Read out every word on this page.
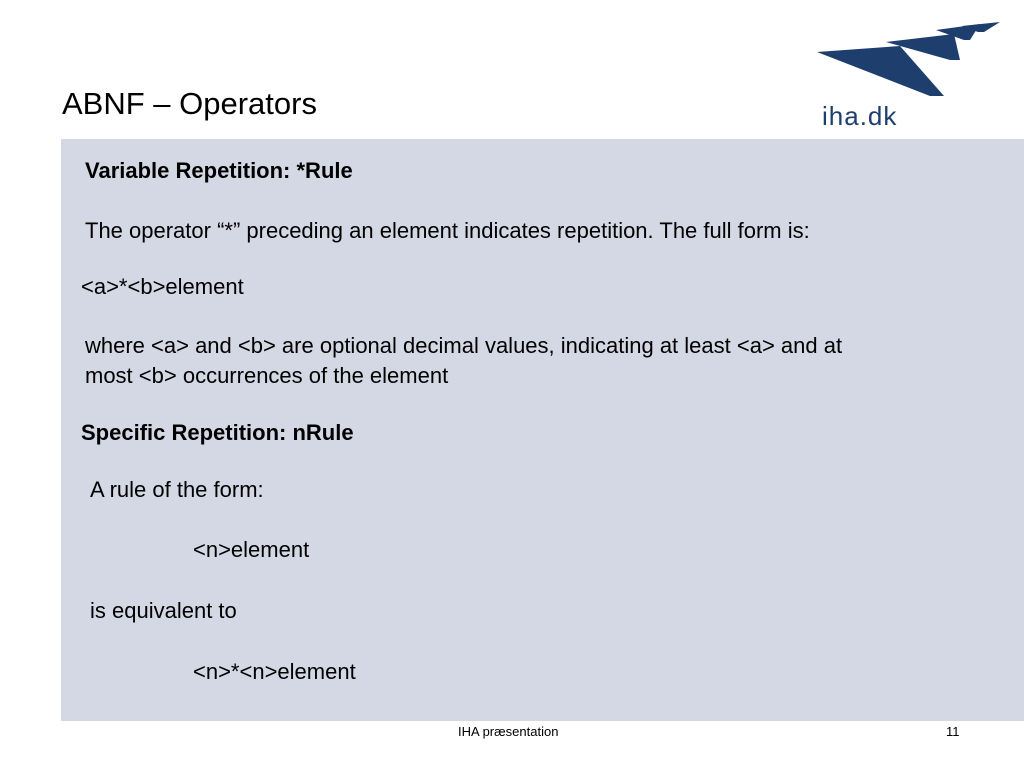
ABNF – Operators	iha.dk
Variable Repetition: *Rule
The operator “*” preceding an element indicates repetition. The full form is:
<a>*<b>element
where <a> and <b> are optional decimal values, indicating at least <a> and at
most <b> occurrences of the element
Specific Repetition: nRule
A rule of the form:
<n>element
is equivalent to
<n>*<n>element
IHA præsentation	11
